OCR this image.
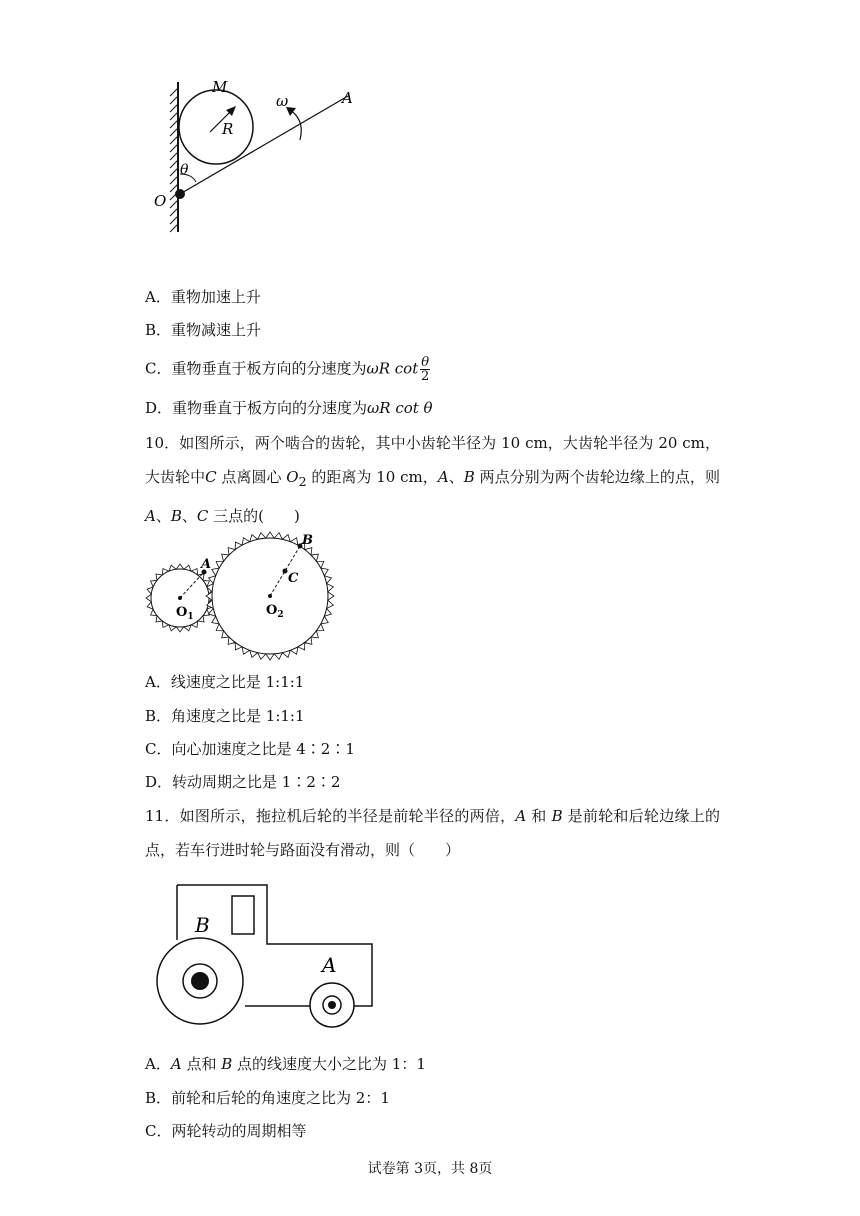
M
R
ω	A
θ
O
A．重物加速上升
B．重物减速上升
C．重物垂直于板方向的分速度为ωR $\cot \frac{\theta}{2}$
D．重物垂直于板方向的分速度为ωR cot θ
10．如图所示，两个啮合的齿轮，其中小齿轮半径为 10 cm，大齿轮半径为 20 cm，大齿轮中C 点离圆心 $O_2$ 的距离为 10 cm，A、B 两点分别为两个齿轮边缘上的点，则 A、B、C 三点的(　　)
A
B
C
$O_1$	$O_2$
A．线速度之比是 1:1:1
B．角速度之比是 1:1:1
C．向心加速度之比是 4∶2∶1
D．转动周期之比是 1∶2∶2
11．如图所示，拖拉机后轮的半径是前轮半径的两倍，A 和 B 是前轮和后轮边缘上的点，若车行进时轮与路面没有滑动，则（　　）
B
A
A．A 点和 B 点的线速度大小之比为 1：1
B．前轮和后轮的角速度之比为 2：1
C．两轮转动的周期相等
试卷第 3页，共 8页
